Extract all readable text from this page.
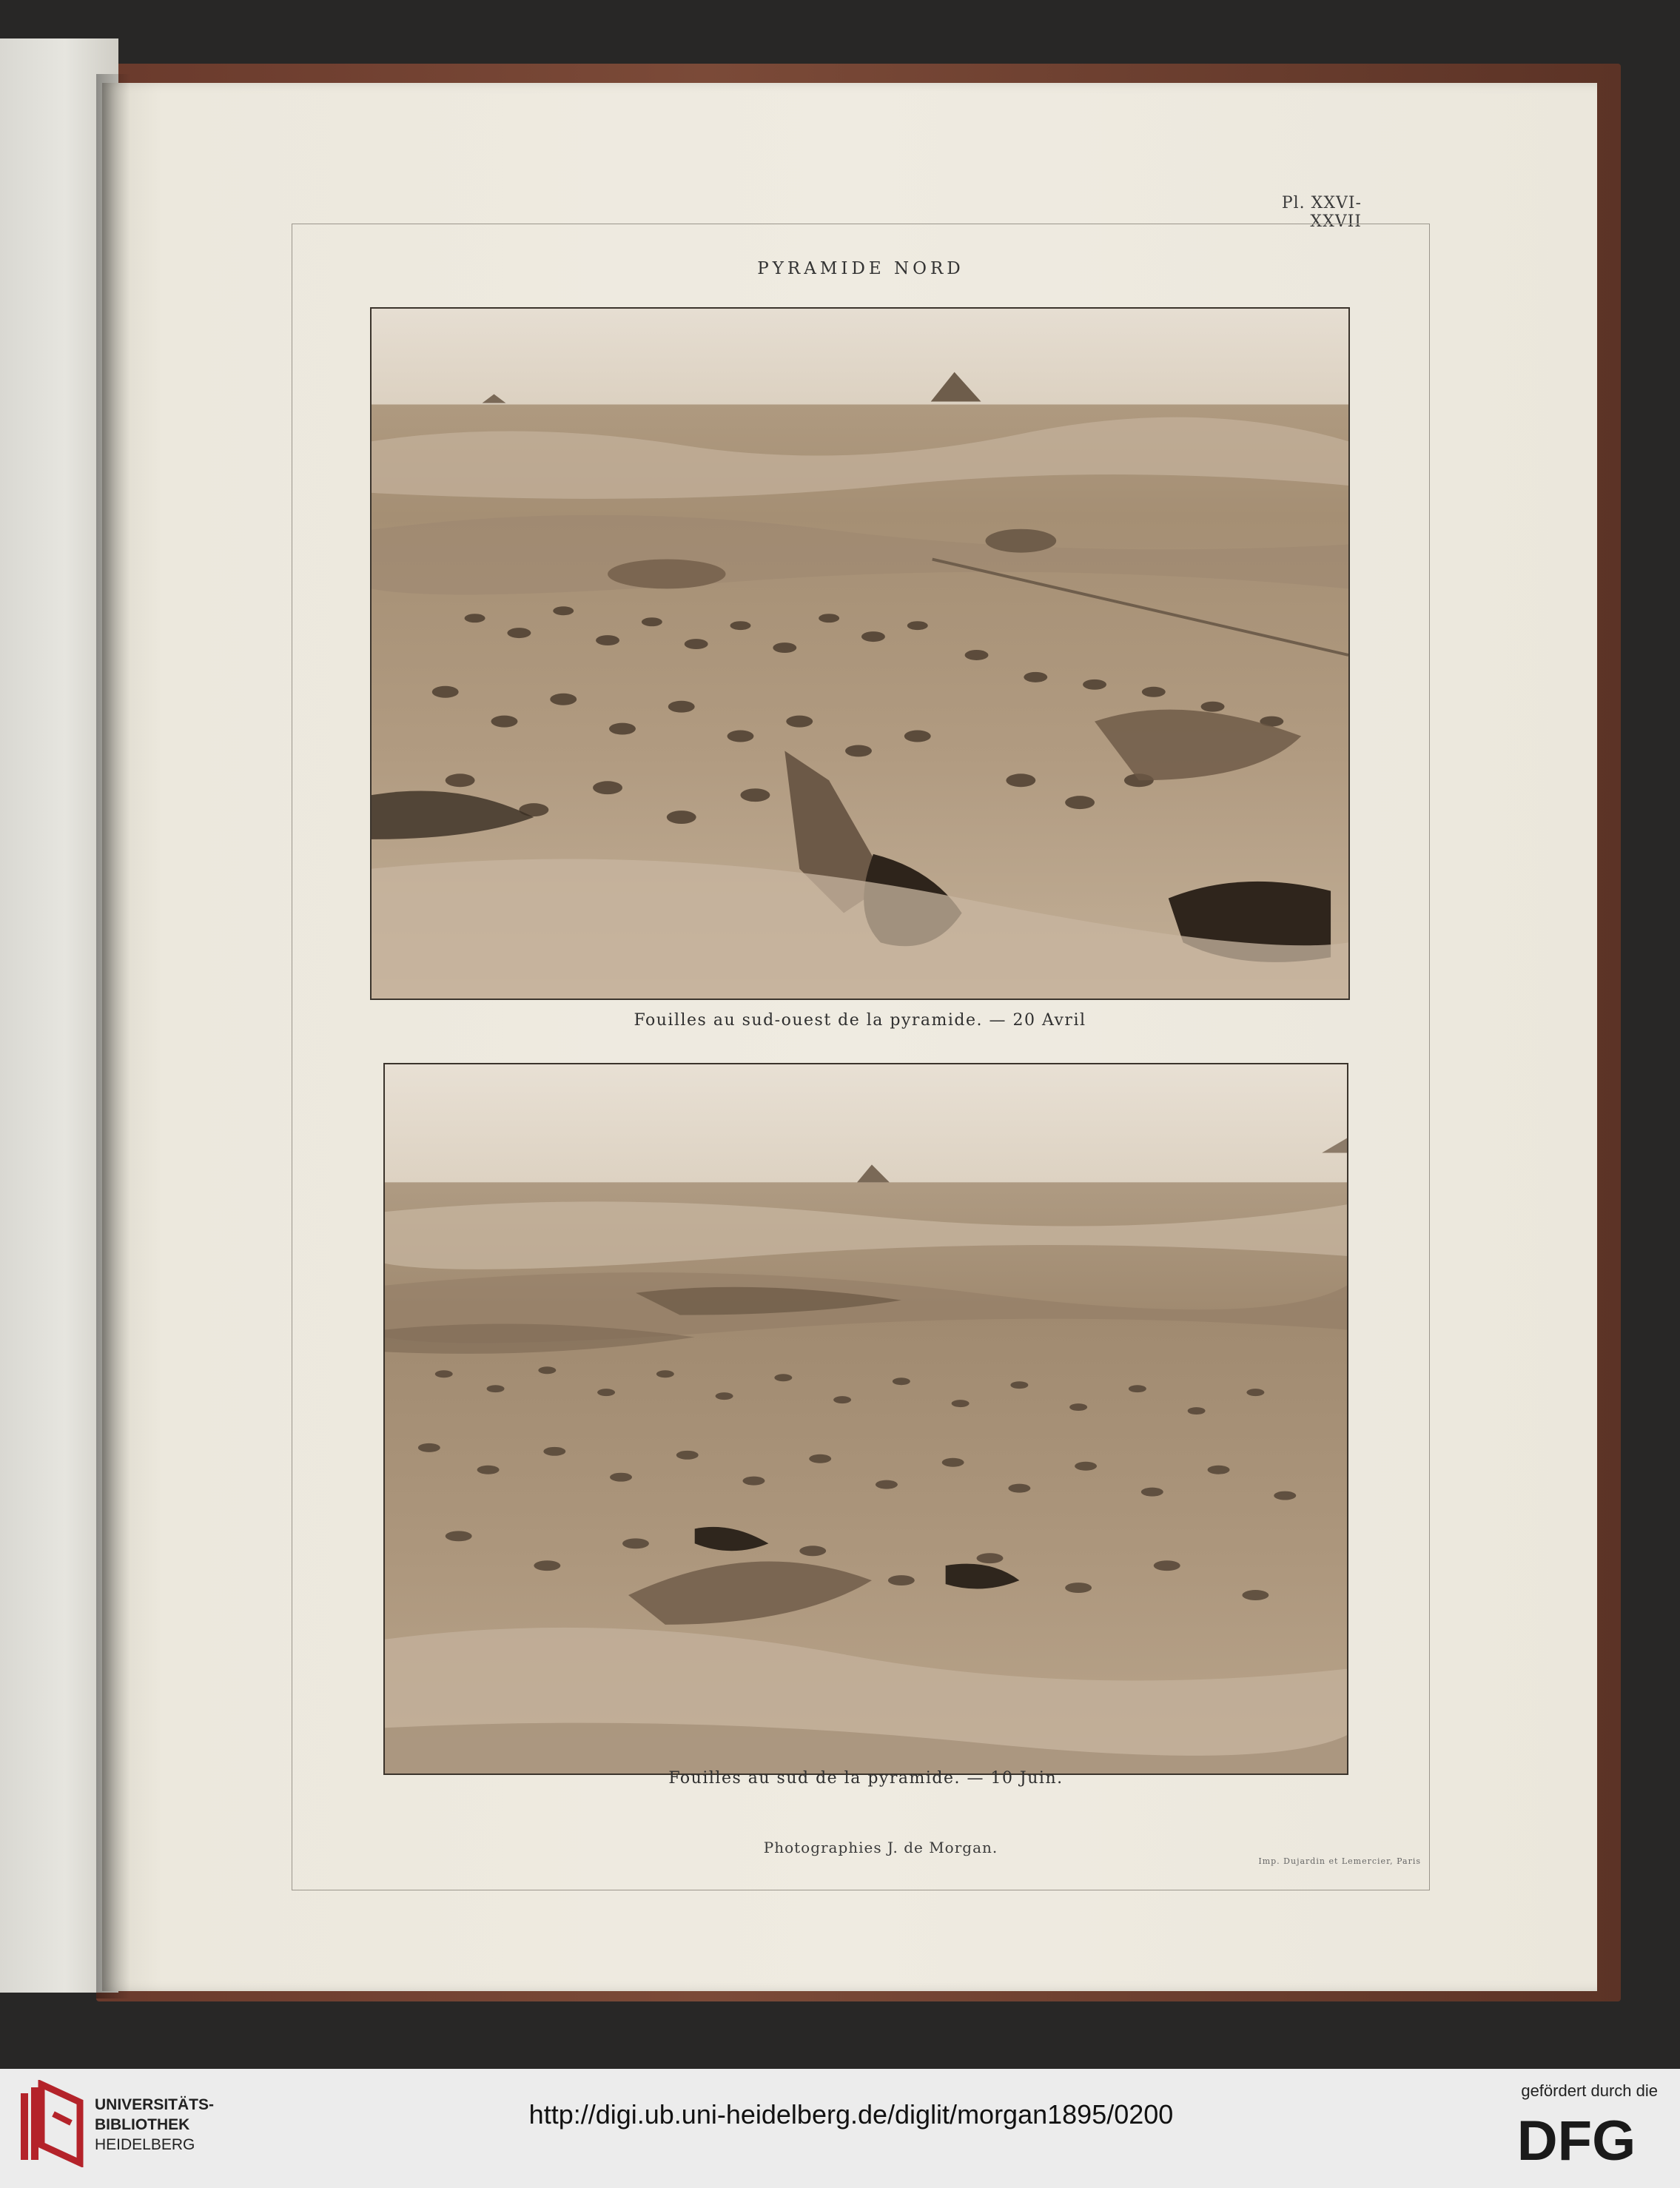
Pl. XXVI-XXVII
PYRAMIDE NORD
Fouilles au sud-ouest de la pyramide. — 20 Avril
Fouilles au sud de la pyramide. — 10 Juin.
Photographies J. de Morgan.
Imp. Dujardin et Lemercier, Paris
UNIVERSITÄTS-
BIBLIOTHEK
HEIDELBERG
http://digi.ub.uni-heidelberg.de/diglit/morgan1895/0200
gefördert durch die
DFG
